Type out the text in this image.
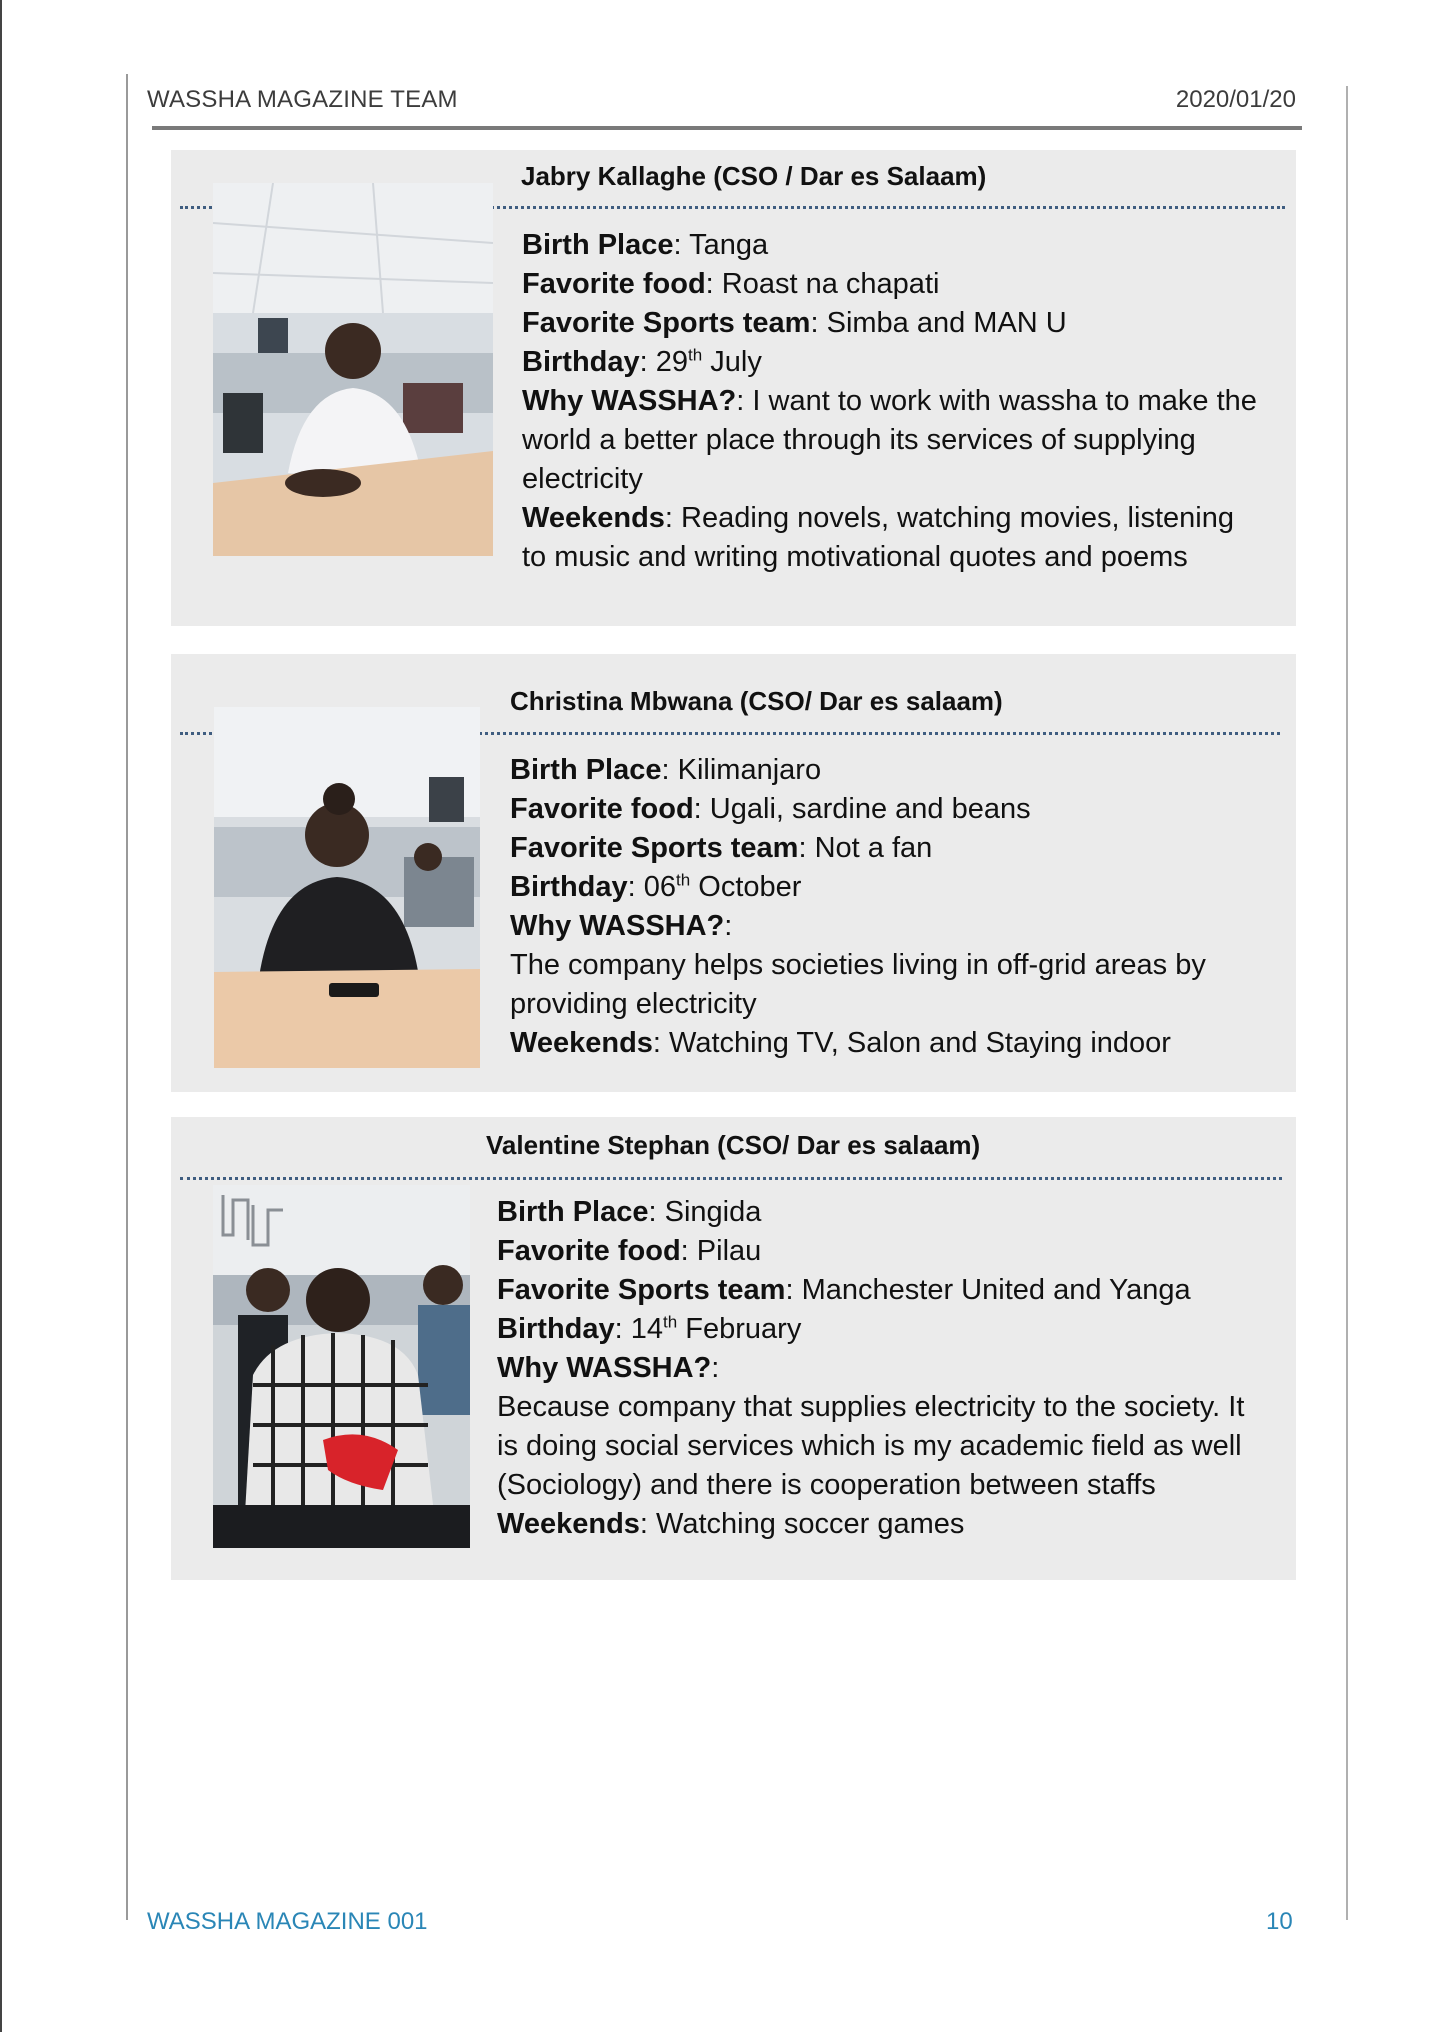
WASSHA MAGAZINE TEAM	2020/01/20
Jabry Kallaghe (CSO / Dar es Salaam)

Birth Place: Tanga

Favorite food: Roast na chapati

Favorite Sports team: Simba and MAN U

Birthday: 29th July

Why WASSHA?: I want to work with wassha to make the world a better place through its services of supplying electricity

Weekends: Reading novels, watching movies, listening to music and writing motivational quotes and poems

Christina Mbwana (CSO/ Dar es salaam)

Birth Place: Kilimanjaro

Favorite food: Ugali, sardine and beans

Favorite Sports team: Not a fan

Birthday: 06th October

Why WASSHA?:

The company helps societies living in off-grid areas by providing electricity

Weekends: Watching TV, Salon and Staying indoor

Valentine Stephan (CSO/ Dar es salaam)

Birth Place: Singida

Favorite food: Pilau

Favorite Sports team: Manchester United and Yanga

Birthday: 14th February

Why WASSHA?:

Because company that supplies electricity to the society. It is doing social services which is my academic field as well (Sociology) and there is cooperation between staffs

Weekends: Watching soccer games

WASSHA MAGAZINE 001	10
